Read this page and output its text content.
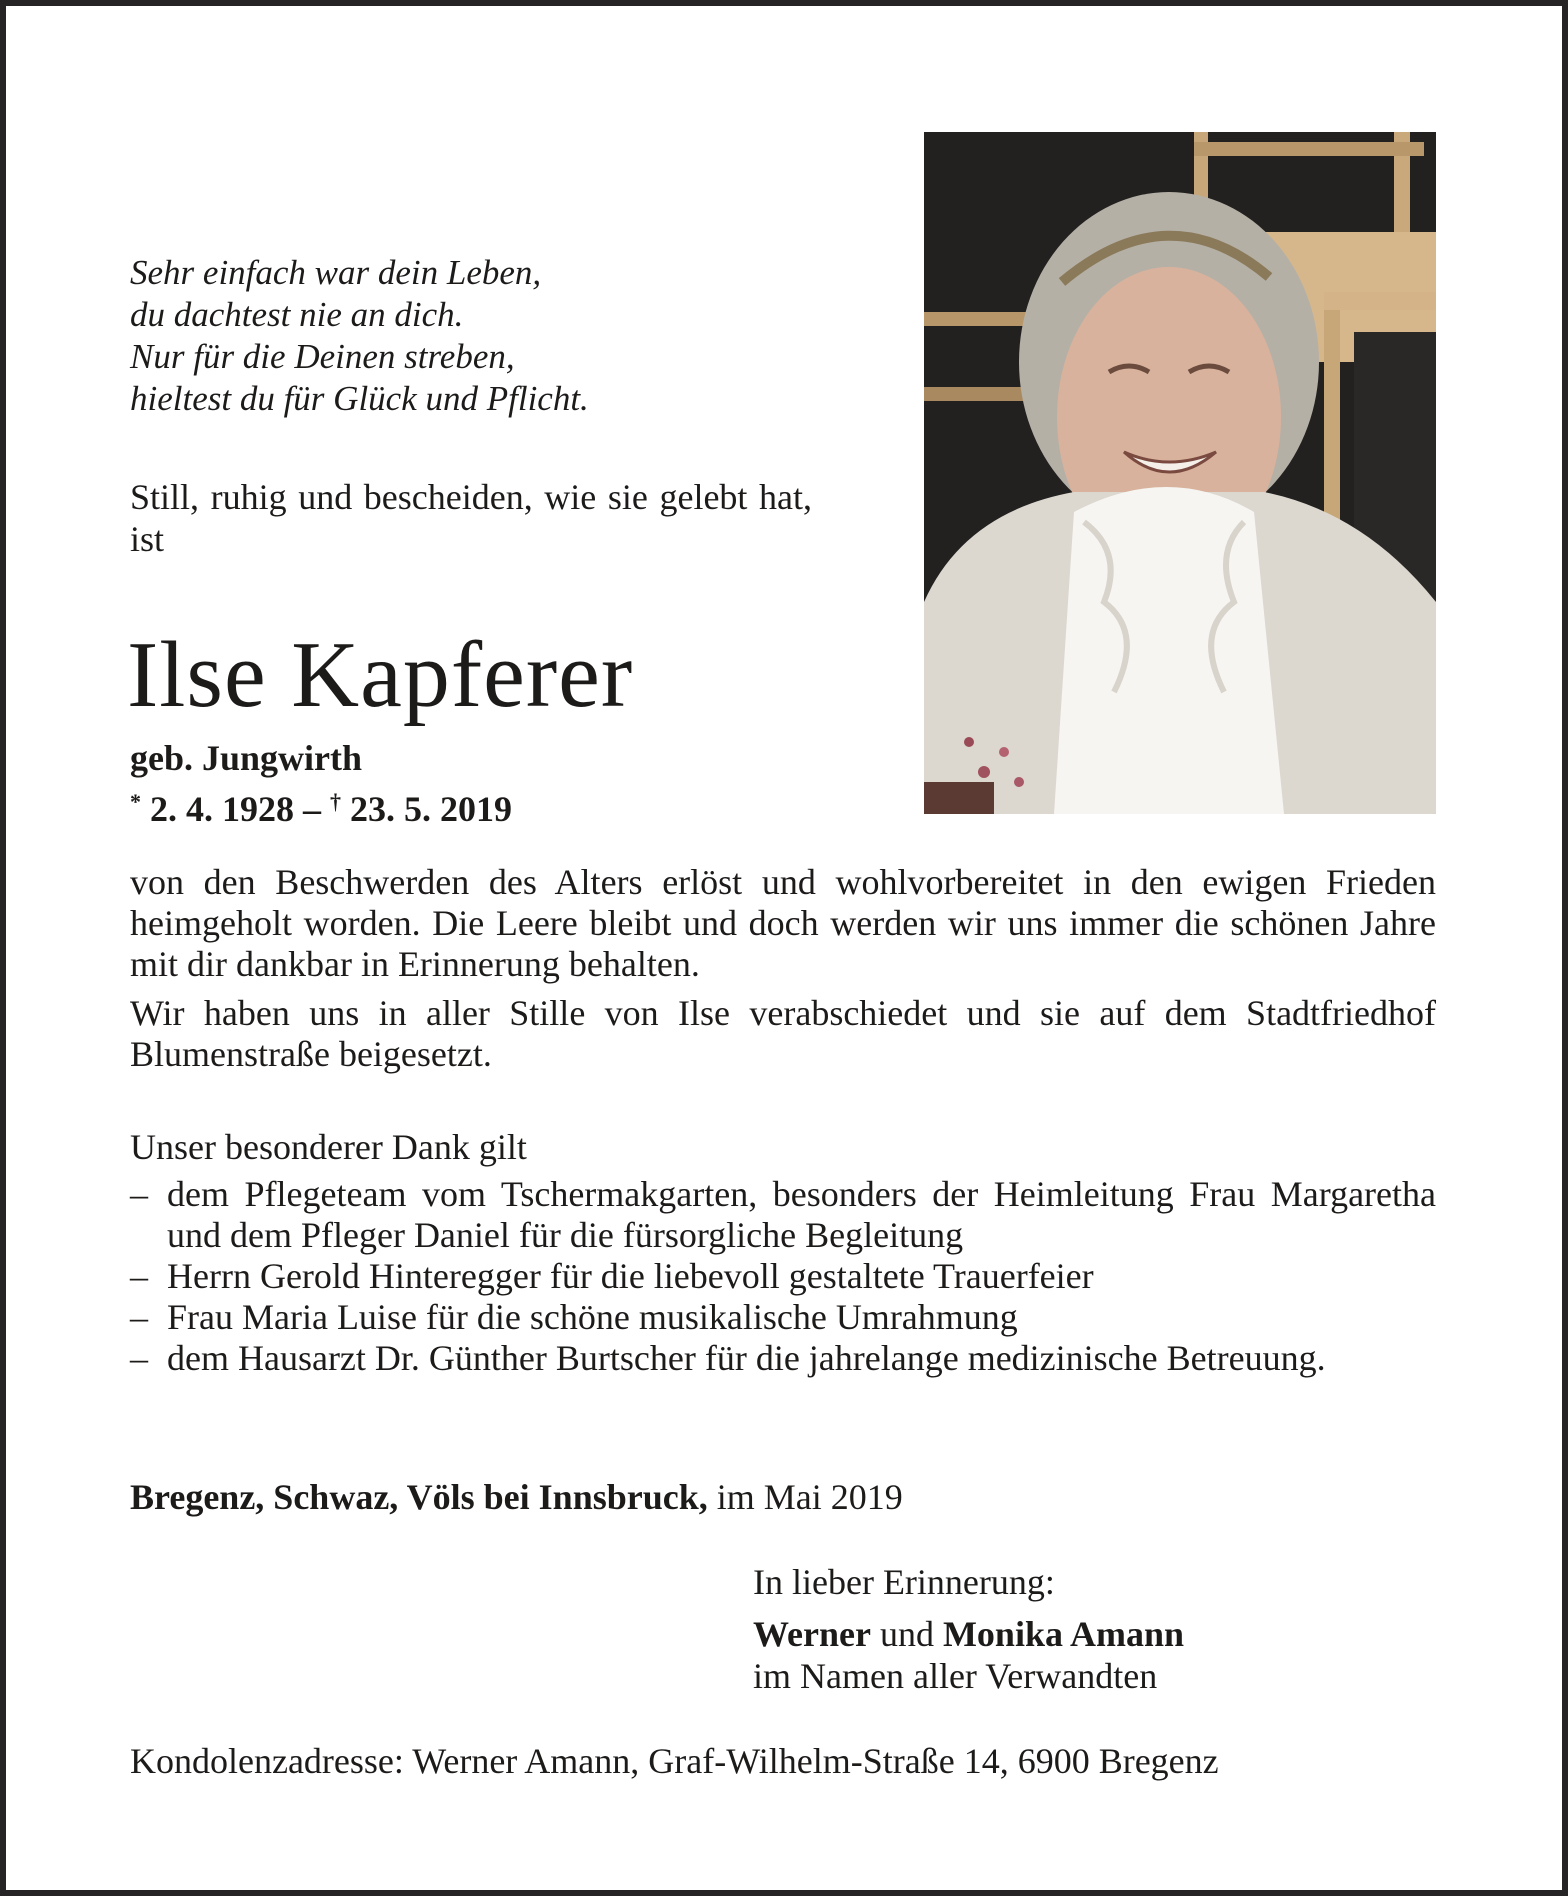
Sehr einfach war dein Leben,
du dachtest nie an dich.
Nur für die Deinen streben,
hieltest du für Glück und Pflicht.
Still, ruhig und bescheiden, wie sie gelebt hat, ist
Ilse Kapferer
geb. Jungwirth
* 2. 4. 1928 – † 23. 5. 2019

von den Beschwerden des Alters erlöst und wohlvorbereitet in den ewigen Frieden heimgeholt worden. Die Leere bleibt und doch werden wir uns immer die schönen Jahre mit dir dankbar in Erinnerung behalten.

Wir haben uns in aller Stille von Ilse verabschiedet und sie auf dem Stadtfriedhof Blumenstraße beigesetzt.

Unser besonderer Dank gilt
– dem Pflegeteam vom Tschermakgarten, besonders der Heimleitung Frau Margaretha und dem Pfleger Daniel für die fürsorgliche Begleitung
– Herrn Gerold Hinteregger für die liebevoll gestaltete Trauerfeier
– Frau Maria Luise für die schöne musikalische Umrahmung
– dem Hausarzt Dr. Günther Burtscher für die jahrelange medizinische Betreuung.
Bregenz, Schwaz, Völs bei Innsbruck, im Mai 2019
In lieber Erinnerung:
Werner und Monika Amann
im Namen aller Verwandten
Kondolenzadresse: Werner Amann, Graf-Wilhelm-Straße 14, 6900 Bregenz
